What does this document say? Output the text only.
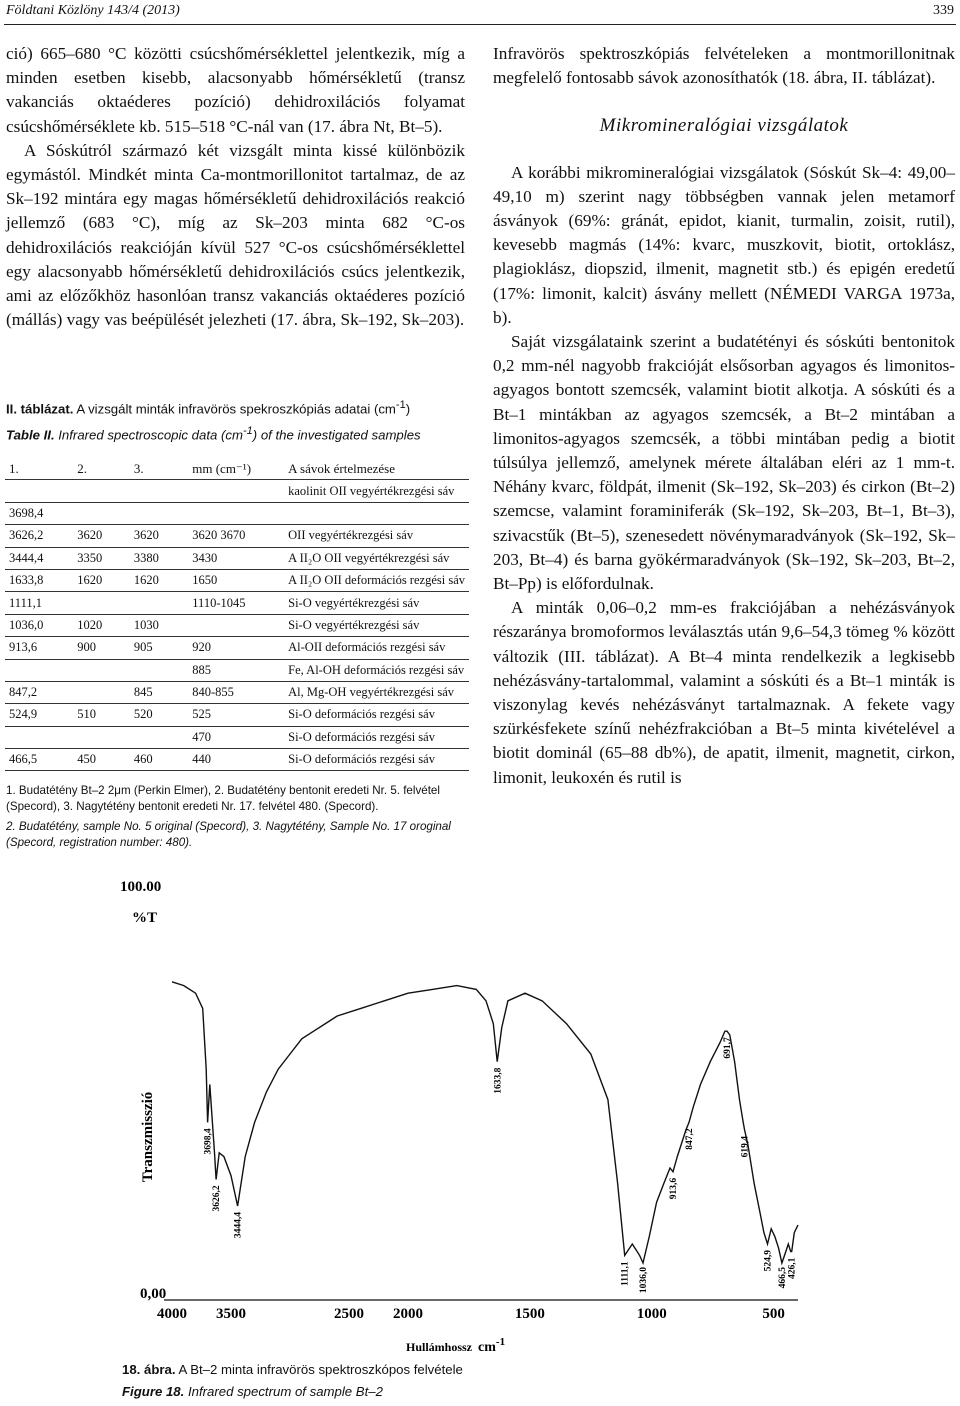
Földtani Közlöny 143/4 (2013)	339

ció) 665–680 °C közötti csúcshőmérséklettel jelentkezik, míg a minden esetben kisebb, alacsonyabb hőmérsékletű (transz vakanciás oktaéderes pozíció) dehidroxilációs folyamat csúcshőmérséklete kb. 515–518 °C-nál van (17. ábra Nt, Bt–5).

A Sóskútról származó két vizsgált minta kissé különbözik egymástól. Mindkét minta Ca-montmorillonitot tartalmaz, de az Sk–192 mintára egy magas hőmérsékletű dehidroxilációs reakció jellemző (683 °C), míg az Sk–203 minta 682 °C-os dehidroxilációs reakcióján kívül 527 °C-os csúcshőmérséklettel egy alacsonyabb hőmérsékletű dehidroxilációs csúcs jelentkezik, ami az előzőkhöz hasonlóan transz vakanciás oktaéderes pozíció (mállás) vagy vas beépülését jelezheti (17. ábra, Sk–192, Sk–203).

II. táblázat. A vizsgált minták infravörös spekroszkópiás adatai $(cm^{-1})$
Table II. Infrared spectroscopic data $(cm^{-1})$ of the investigated samples
1.	2.	3.	mm (cm⁻¹)	A sávok értelmezése
				kaolinit OII vegyértékrezgési sáv
3698,4				
3626,2	3620	3620	3620 3670	OII vegyértékrezgési sáv
3444,4	3350	3380	3430	A II₂O OII vegyértékrezgési sáv
1633,8	1620	1620	1650	A II₂O OII deformációs rezgési sáv
1111,1			1110-1045	Si-O vegyértékrezgési sáv
1036,0	1020	1030		Si-O vegyértékrezgési sáv
913,6	900	905	920	Al-OII deformációs rezgési sáv
			885	Fe, Al-OH deformációs rezgési sáv
847,2		845	840-855	Al, Mg-OH vegyértékrezgési sáv
524,9	510	520	525	Si-O deformációs rezgési sáv
			470	Si-O deformációs rezgési sáv
466,5	450	460	440	Si-O deformációs rezgési sáv
1. Budatétény Bt–2 2μm (Perkin Elmer), 2. Budatétény bentonit eredeti Nr. 5. felvétel (Specord), 3. Nagytétény bentonit eredeti Nr. 17. felvétel 480. (Specord).
2. Budatétény, sample No. 5 original (Specord), 3. Nagytétény, Sample No. 17 oroginal (Specord, registration number: 480).

Infravörös spektroszkópiás felvételeken a montmorillonitnak megfelelő fontosabb sávok azonosíthatók (18. ábra, II. táblázat).

Mikromineralógiai vizsgálatok

A korábbi mikromineralógiai vizsgálatok (Sóskút Sk–4: 49,00–49,10 m) szerint nagy többségben vannak jelen metamorf ásványok (69%: gránát, epidot, kianit, turmalin, zoisit, rutil), kevesebb magmás (14%: kvarc, muszkovit, biotit, ortoklász, plagioklász, diopszid, ilmenit, magnetit stb.) és epigén eredetű (17%: limonit, kalcit) ásvány mellett (NÉMEDI VARGA 1973a, b).

Saját vizsgálataink szerint a budatétényi és sóskúti bentonitok 0,2 mm-nél nagyobb frakcióját elsősorban agyagos és limonitos-agyagos bontott szemcsék, valamint biotit alkotja. A sóskúti és a Bt–1 mintákban az agyagos szemcsék, a Bt–2 mintában a limonitos-agyagos szemcsék, a többi mintában pedig a biotit túlsúlya jellemző, amelynek mérete általában eléri az 1 mm-t. Néhány kvarc, földpát, ilmenit (Sk–192, Sk–203) és cirkon (Bt–2) szemcse, valamint foraminiferák (Sk–192, Sk–203, Bt–1, Bt–3), szivacstűk (Bt–5), szenesedett növénymaradványok (Sk–192, Sk–203, Bt–4) és barna gyökérmaradványok (Sk–192, Sk–203, Bt–2, Bt–Pp) is előfordulnak.

A minták 0,06–0,2 mm-es frakciójában a nehézásványok részaránya bromoformos leválasztás után 9,6–54,3 tömeg % között változik (III. táblázat). A Bt–4 minta rendelkezik a legkisebb nehézásvány-tartalommal, valamint a sóskúti és a Bt–1 minták is viszonylag kevés nehézásványt tartalmaznak. A fekete vagy szürkésfekete színű nehézfrakcióban a Bt–5 minta kivételével a biotit dominál (65–88 db%), de apatit, ilmenit, magnetit, cirkon, limonit, leukoxén és rutil is

100.00
%T
0,00
Transzmisszió
4000 3500	2500 2000	1500	1000	500
Hullámhossz cm-1
3698,4
3626,2
3444,4
1633,8
1111,1 1036,0
913,6
847,2
691,7
619,4
524,9
466,5 426,1
18. ábra. A Bt–2 minta infravörös spektroszkópos felvétele
Figure 18. Infrared spectrum of sample Bt–2
